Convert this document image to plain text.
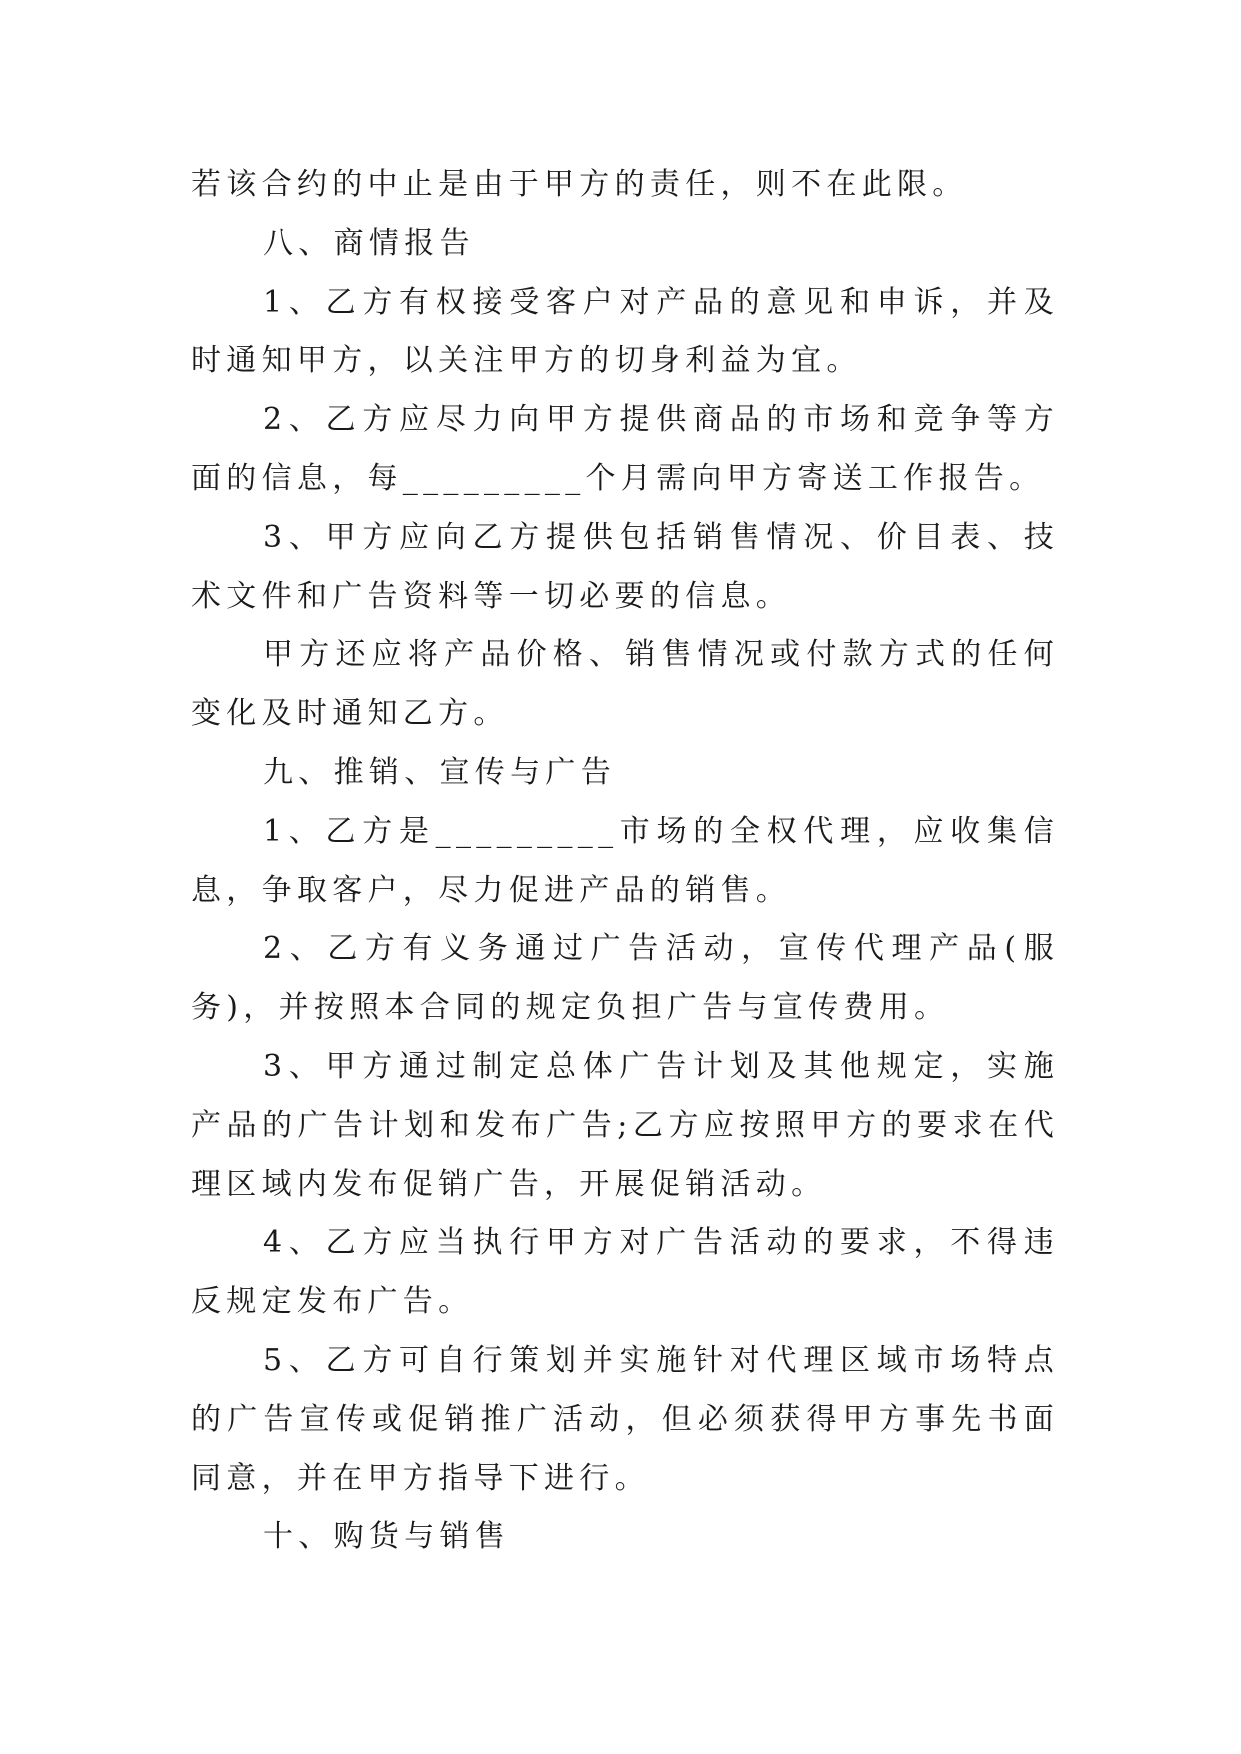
若该合约的中止是由于甲方的责任，则不在此限。

八、商情报告

1、乙方有权接受客户对产品的意见和申诉，并及时通知甲方，以关注甲方的切身利益为宜。

2、乙方应尽力向甲方提供商品的市场和竞争等方面的信息，每_________个月需向甲方寄送工作报告。

3、甲方应向乙方提供包括销售情况、价目表、技术文件和广告资料等一切必要的信息。

甲方还应将产品价格、销售情况或付款方式的任何变化及时通知乙方。

九、推销、宣传与广告

1、乙方是_________市场的全权代理，应收集信息，争取客户，尽力促进产品的销售。

2、乙方有义务通过广告活动，宣传代理产品(服务)，并按照本合同的规定负担广告与宣传费用。

3、甲方通过制定总体广告计划及其他规定，实施产品的广告计划和发布广告;乙方应按照甲方的要求在代理区域内发布促销广告，开展促销活动。

4、乙方应当执行甲方对广告活动的要求，不得违反规定发布广告。

5、乙方可自行策划并实施针对代理区域市场特点的广告宣传或促销推广活动，但必须获得甲方事先书面同意，并在甲方指导下进行。

十、购货与销售
